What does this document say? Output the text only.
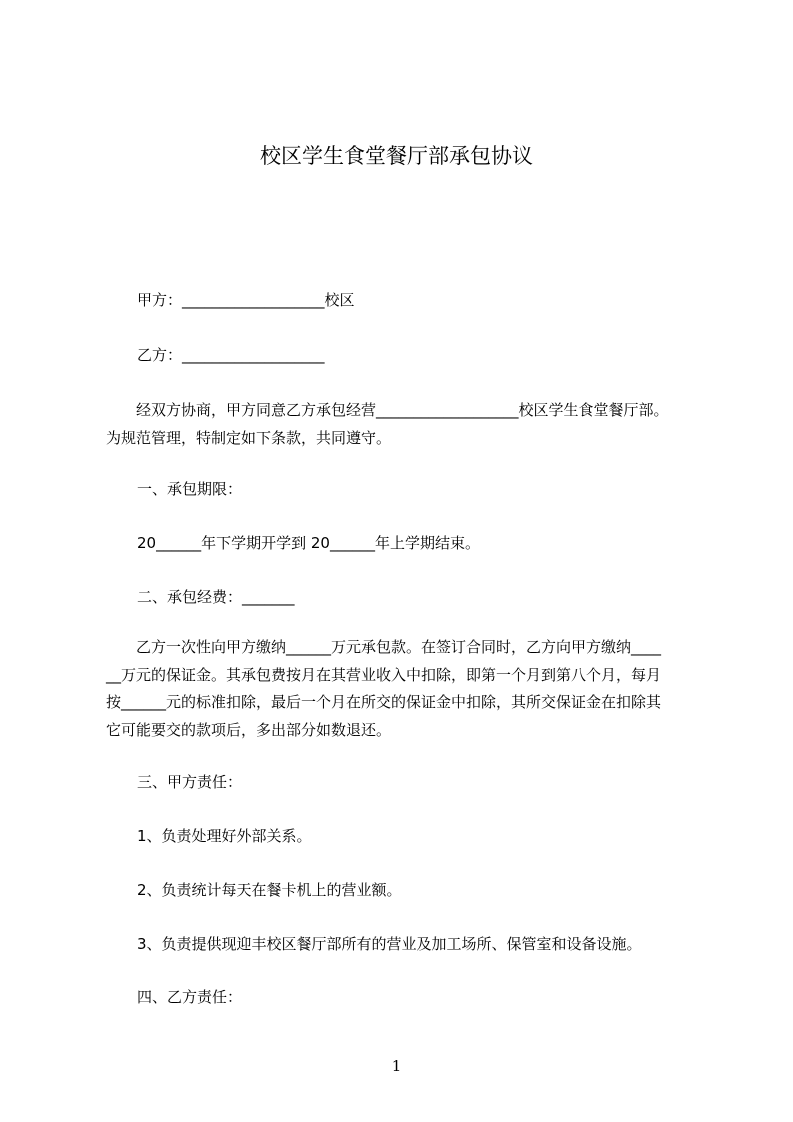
校区学生食堂餐厅部承包协议
甲方：___________________校区
乙方：___________________
经双方协商，甲方同意乙方承包经营___________________校区学生食堂餐厅部。
为规范管理，特制定如下条款，共同遵守。
一、承包期限：
20______年下学期开学到 20______年上学期结束。
二、承包经费：_______
乙方一次性向甲方缴纳______万元承包款。在签订合同时，乙方向甲方缴纳____
__万元的保证金。其承包费按月在其营业收入中扣除，即第一个月到第八个月，每月
按______元的标准扣除，最后一个月在所交的保证金中扣除，其所交保证金在扣除其
它可能要交的款项后，多出部分如数退还。
三、甲方责任：
1、负责处理好外部关系。
2、负责统计每天在餐卡机上的营业额。
3、负责提供现迎丰校区餐厅部所有的营业及加工场所、保管室和设备设施。
四、乙方责任：
1
